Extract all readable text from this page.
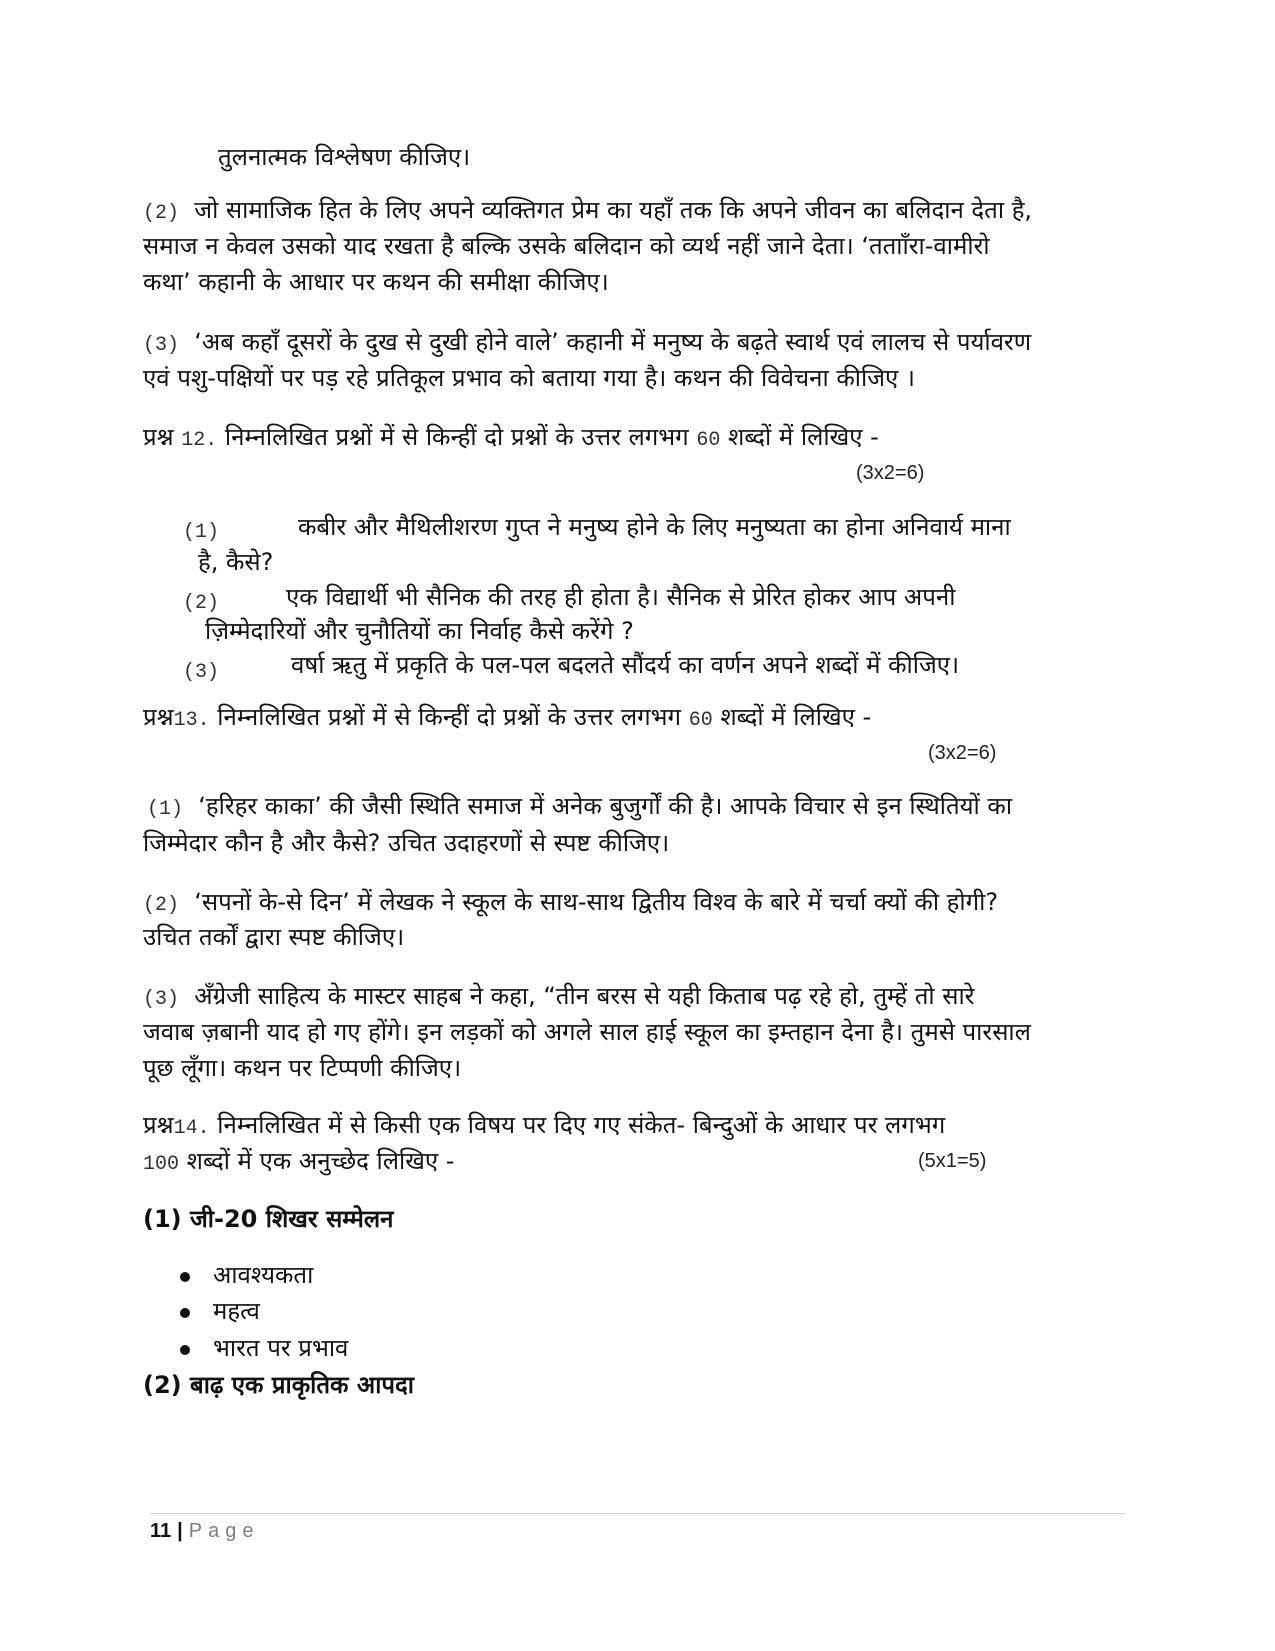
तुलनात्मक विश्लेषण कीजिए।
(2) जो सामाजिक हित के लिए अपने व्यक्तिगत प्रेम का यहाँ तक कि अपने जीवन का बलिदान देता है,
समाज न केवल उसको याद रखता है बल्कि उसके बलिदान को व्यर्थ नहीं जाने देता। ‘ततााँरा-वामीरो
कथा’ कहानी के आधार पर कथन की समीक्षा कीजिए।
(3) ‘अब कहाँ दूसरों के दुख से दुखी होने वाले’ कहानी में मनुष्य के बढ़ते स्वार्थ एवं लालच से पर्यावरण
एवं पशु-पक्षियों पर पड़ रहे प्रतिकूल प्रभाव को बताया गया है। कथन की विवेचना कीजिए ।
प्रश्न 12. निम्नलिखित प्रश्नों में से किन्हीं दो प्रश्नों के उत्तर लगभग 60 शब्दों में लिखिए -
(3x2=6)
(1)	कबीर और मैथिलीशरण गुप्त ने मनुष्य होने के लिए मनुष्यता का होना अनिवार्य माना
है, कैसे?
(2)	एक विद्यार्थी भी सैनिक की तरह ही होता है। सैनिक से प्रेरित होकर आप अपनी
ज़िम्मेदारियों और चुनौतियों का निर्वाह कैसे करेंगे ?
(3)	वर्षा ऋतु में प्रकृति के पल-पल बदलते सौंदर्य का वर्णन अपने शब्दों में कीजिए।
प्रश्न13. निम्नलिखित प्रश्नों में से किन्हीं दो प्रश्नों के उत्तर लगभग 60 शब्दों में लिखिए -
(3x2=6)
(1) ‘हरिहर काका’ की जैसी स्थिति समाज में अनेक बुजुर्गों की है। आपके विचार से इन स्थितियों का
जिम्मेदार कौन है और कैसे? उचित उदाहरणों से स्पष्ट कीजिए।
(2) ‘सपनों के-से दिन’ में लेखक ने स्कूल के साथ-साथ द्वितीय विश्व के बारे में चर्चा क्यों की होगी?
उचित तर्कों द्वारा स्पष्ट कीजिए।
(3) अँग्रेजी साहित्य के मास्टर साहब ने कहा, “तीन बरस से यही किताब पढ़ रहे हो, तुम्हें तो सारे
जवाब ज़बानी याद हो गए होंगे। इन लड़कों को अगले साल हाई स्कूल का इम्तहान देना है। तुमसे पारसाल
पूछ लूँगा। कथन पर टिप्पणी कीजिए।
प्रश्न14. निम्नलिखित में से किसी एक विषय पर दिए गए संकेत- बिन्दुओं के आधार पर लगभग
100 शब्दों में एक अनुच्छेद लिखिए -	(5x1=5)
(1) जी-20 शिखर सम्मेलन
आवश्यकता
महत्व
भारत पर प्रभाव
(2) बाढ़ एक प्राकृतिक आपदा
11 | Page
